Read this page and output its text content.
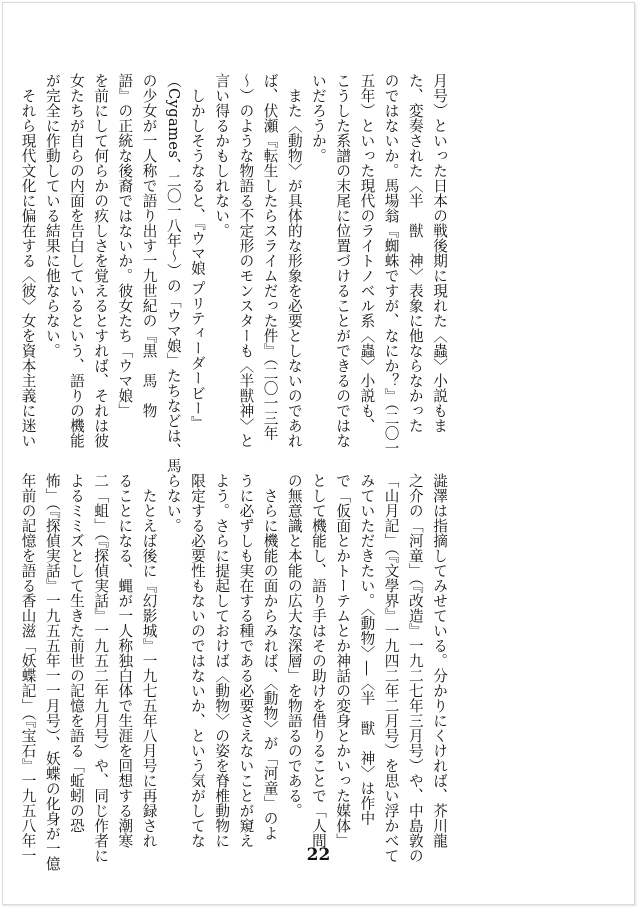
月号）といった日本の戦後期に現れた〈蟲〉小説もま
た、変奏された〈半　獣　神〉表象に他ならなかった
のではないか。馬場翁『蜘蛛ですが、なにか？』（二〇一
五年）といった現代のライトノベル系〈蟲〉小説も、
こうした系譜の末尾に位置づけることができるのではな
いだろうか。
　また〈動物〉が具体的な形象を必要としないのであれ
ば、伏瀬『転生したらスライムだった件』（二〇一三年
〜）のような物語る不定形のモンスターも〈半獣神〉と
言い得るかもしれない。
　しかしそうなると、『ウマ娘 プリティーダービー』
（Cygames、二〇一八年〜）の「ウマ娘」たちなどは、馬
の少女が一人称で語り出す一九世紀の『黒　馬　物
語』の正統な後裔ではないか。彼女たち「ウマ娘」
を前にして何らかの疚しさを覚えるとすれば、それは彼
女たちが自らの内面を告白しているという、語りの機能
が完全に作動している結果に他ならない。
　それら現代文化に偏在する〈彼〉女を資本主義に迷い
澁澤は指摘してみせている。分かりにくければ、芥川龍
之介の「河童」（『改造』一九二七年三月号）や、中島敦の
「山月記」（『文學界』一九四二年二月号）を思い浮かべて
みていただきたい。〈動物〉―〈半　獣　神〉は作中
で「仮面とかトーテムとか神話の変身とかいった媒体」
として機能し、語り手はその助けを借りることで「人間
の無意識と本能の広大な深層」を物語るのである。
　さらに機能の面からみれば、〈動物〉が「河童」のよ
うに必ずしも実在する種である必要さえないことが窺え
よう。さらに提起しておけば〈動物〉の姿を脊椎動物に
限定する必要性もないのではないか、という気がしてな
らない。
　たとえば後に『幻影城』一九七五年八月号に再録され
ることになる、蝿が一人称独白体で生涯を回想する潮寒
二「蛆」（『探偵実話』一九五二年九月号）や、同じ作者に
よるミミズとして生きた前世の記憶を語る「蚯蚓の恐
怖」（『探偵実話』一九五五年一一月号）、妖蝶の化身が一億
年前の記憶を語る香山滋「妖蝶記」（『宝石』一九五八年一	22
